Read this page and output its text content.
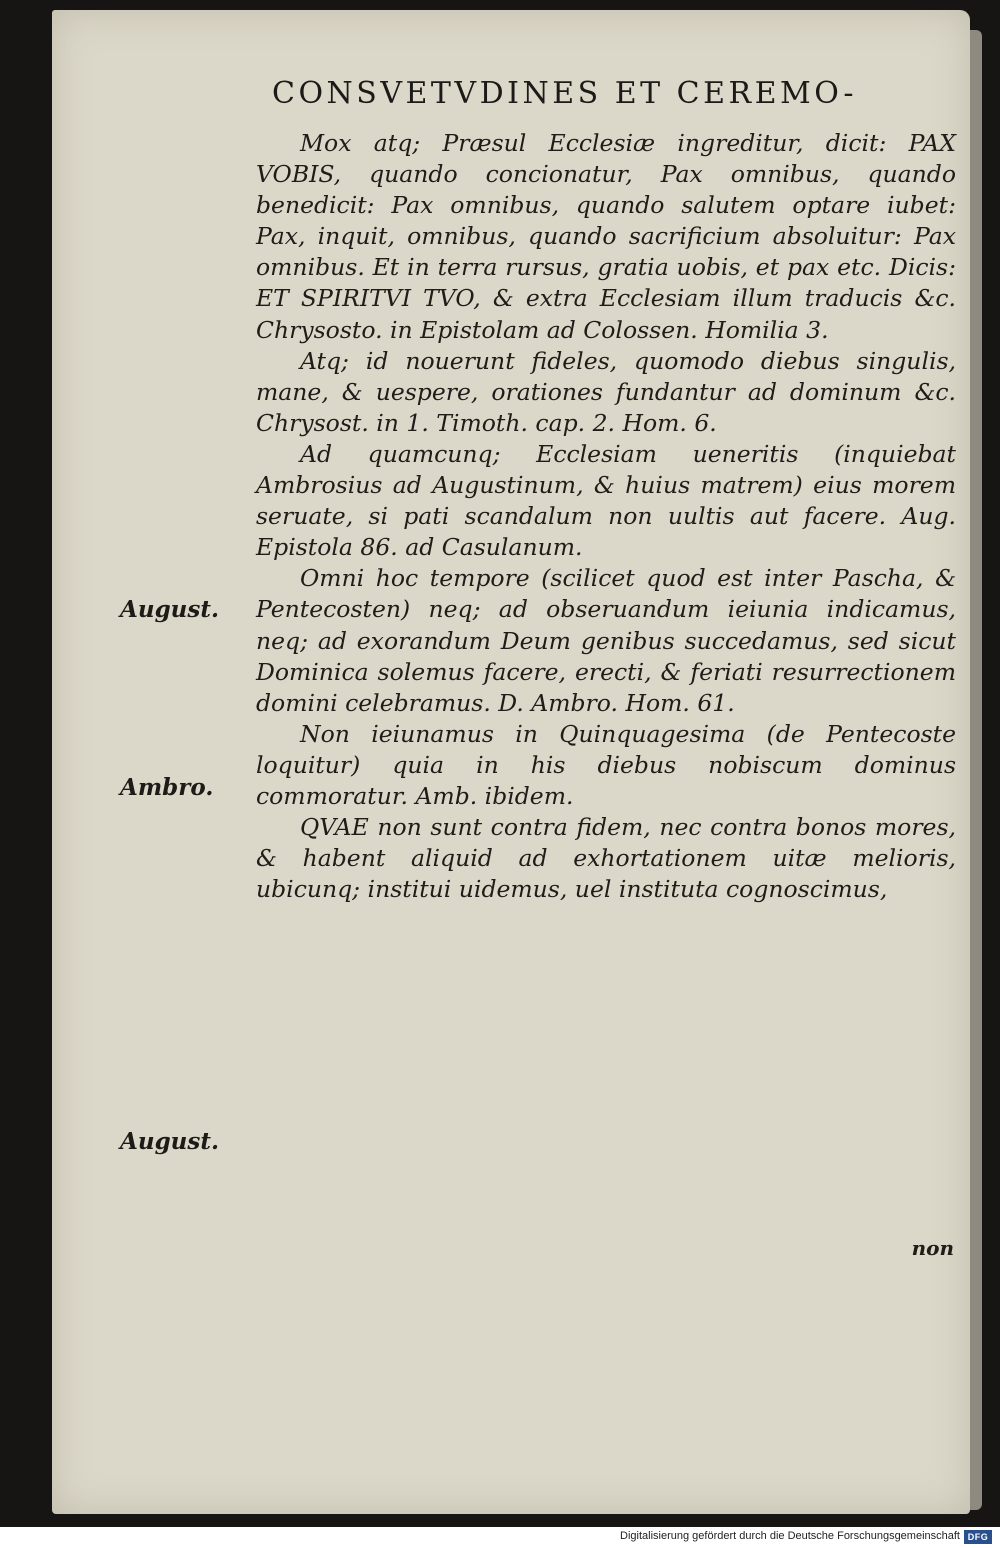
CONSVETVDINES ET CEREMO-

Mox atq; Præsul Ecclesiæ ingreditur, dicit: PAX VOBIS, quando concionatur, Pax omnibus, quando benedicit: Pax omnibus, quando salutem optare iubet: Pax, inquit, omnibus, quando sacrificium absoluitur: Pax omnibus. Et in terra rursus, gratia uobis, et pax etc. Dicis: ET SPIRITVI TVO, & extra Ecclesiam illum traducis &c. Chrysosto. in Epistolam ad Colossen. Homilia 3.

Atq; id nouerunt fideles, quomodo diebus singulis, mane, & uespere, orationes fundantur ad dominum &c. Chrysost. in 1. Timoth. cap. 2. Hom. 6.

Ad quamcunq; Ecclesiam ueneritis (inquiebat Ambrosius ad Augustinum, & huius matrem) eius morem seruate, si pati scandalum non uultis aut facere. Aug. Epistola 86. ad Casulanum.

Omni hoc tempore (scilicet quod est inter Pascha, & Pentecosten) neq; ad obseruandum ieiunia indicamus, neq; ad exorandum Deum genibus succedamus, sed sicut Dominica solemus facere, erecti, & feriati resurrectionem domini celebramus. D. Ambro. Hom. 61.

Non ieiunamus in Quinquagesima (de Pentecoste loquitur) quia in his diebus nobiscum dominus commoratur. Amb. ibidem.

QVAE non sunt contra fidem, nec contra bonos mores, & habent aliquid ad exhortationem uitæ melioris, ubicunq; institui uidemus, uel instituta cognoscimus,

August.
Ambro.
August.
non
Digitalisierung gefördert durch die Deutsche Forschungsgemeinschaft DFG
